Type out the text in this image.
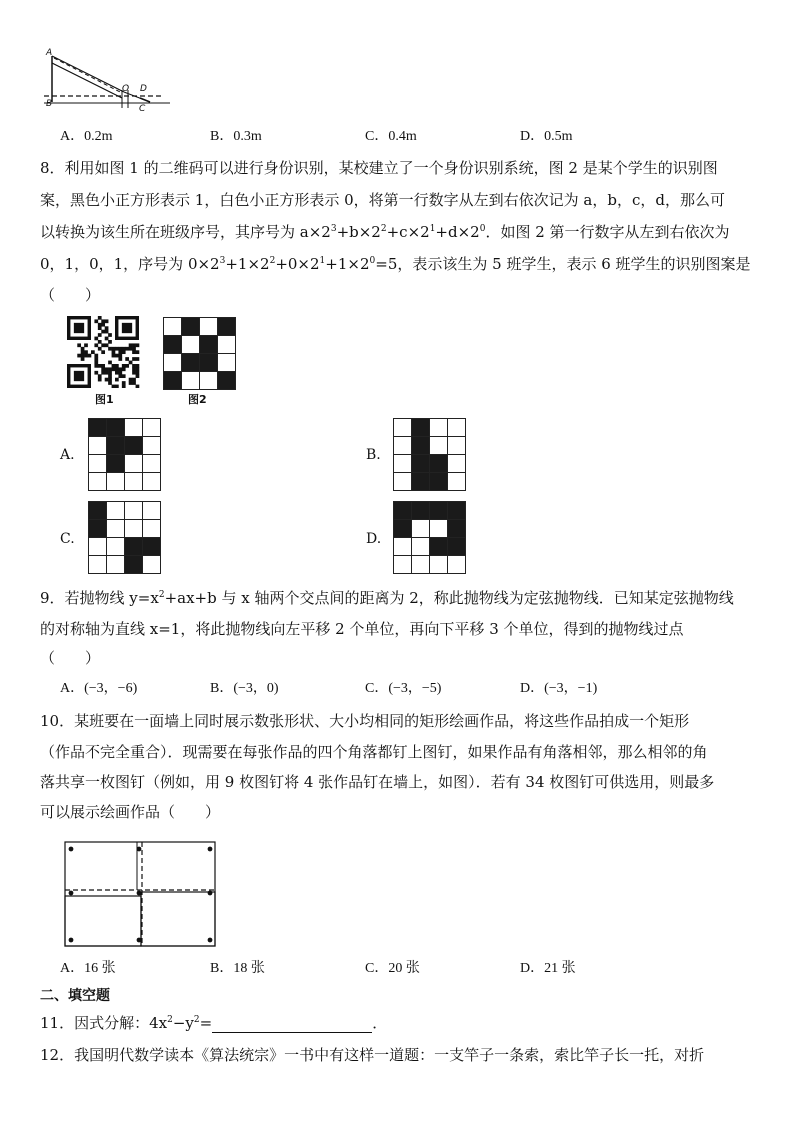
A
B
O D
C
A．0.2m	B．0.3m	C．0.4m	D．0.5m
8．利用如图 1 的二维码可以进行身份识别，某校建立了一个身份识别系统，图 2 是某个学生的识别图
案，黑色小正方形表示 1，白色小正方形表示 0，将第一行数字从左到右依次记为 a，b，c，d，那么可
以转换为该生所在班级序号，其序号为 $a\times 2^3+b\times 2^2+c\times 2^1+d\times 2^0$．如图 2 第一行数字从左到右依次为
0，1，0，1，序号为 $0\times 2^3+1\times 2^2+0\times 2^1+1\times 2^0=5$，表示该生为 5 班学生，表示 6 班学生的识别图案是
（　　）
图1	图2
A.	B.
C.	D.
9．若抛物线 $y=x^2+ax+b$ 与 x 轴两个交点间的距离为 2，称此抛物线为定弦抛物线．已知某定弦抛物线
的对称轴为直线 x=1，将此抛物线向左平移 2 个单位，再向下平移 3 个单位，得到的抛物线过点
（　　）
A．(−3，−6)	B．(−3，0)	C．(−3，−5)	D．(−3，−1)
10．某班要在一面墙上同时展示数张形状、大小均相同的矩形绘画作品，将这些作品拍成一个矩形
（作品不完全重合）．现需要在每张作品的四个角落都钉上图钉，如果作品有角落相邻，那么相邻的角
落共享一枚图钉（例如，用 9 枚图钉将 4 张作品钉在墙上，如图）．若有 34 枚图钉可供选用，则最多
可以展示绘画作品（　　）
A．16 张	B．18 张	C．20 张	D．21 张
二、填空题
11．因式分解：$4x^2-y^2=$	．
12．我国明代数学读本《算法统宗》一书中有这样一道题：一支竿子一条索，索比竿子长一托，对折
